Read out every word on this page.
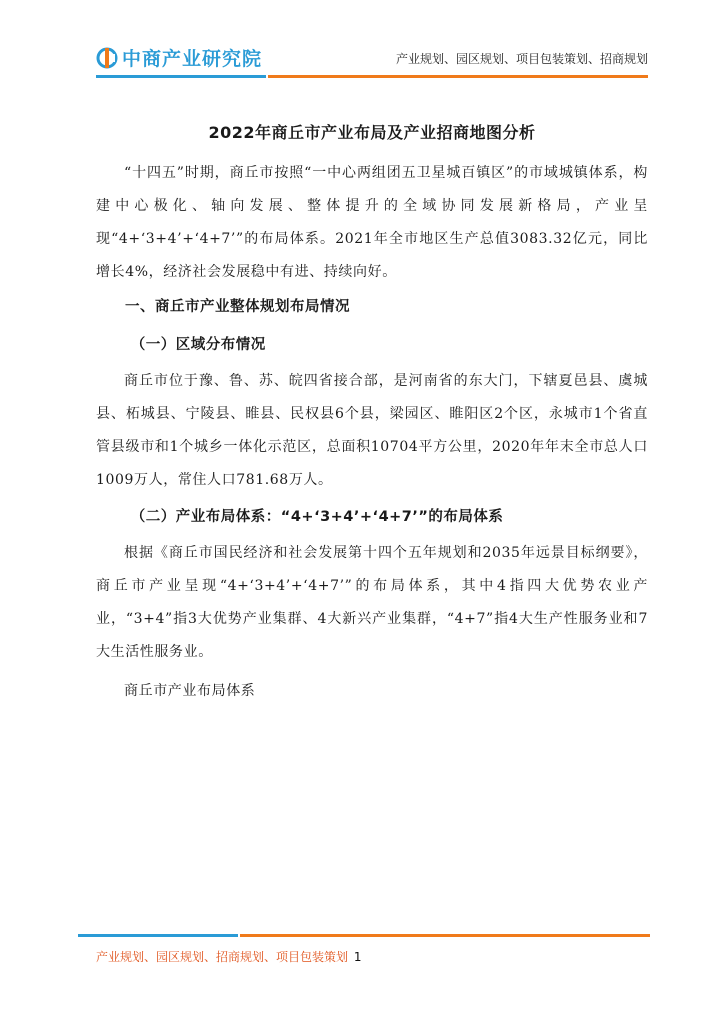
中商产业研究院	产业规划、园区规划、项目包装策划、招商规划
2022年商丘市产业布局及产业招商地图分析

“十四五”时期，商丘市按照“一中心两组团五卫星城百镇区”的市域城镇体系，构建中心极化、轴向发展、整体提升的全域协同发展新格局，产业呈现“4+‘3+4’+‘4+7’”的布局体系。2021年全市地区生产总值3083.32亿元，同比增长4%，经济社会发展稳中有进、持续向好。

一、商丘市产业整体规划布局情况

（一）区域分布情况

商丘市位于豫、鲁、苏、皖四省接合部，是河南省的东大门，下辖夏邑县、虞城县、柘城县、宁陵县、睢县、民权县6个县，梁园区、睢阳区2个区，永城市1个省直管县级市和1个城乡一体化示范区，总面积10704平方公里，2020年年末全市总人口1009万人，常住人口781.68万人。

（二）产业布局体系：“4+‘3+4’+‘4+7’”的布局体系

根据《商丘市国民经济和社会发展第十四个五年规划和2035年远景目标纲要》，商丘市产业呈现“4+‘3+4’+‘4+7’”的布局体系，其中4指四大优势农业产业，“3+4”指3大优势产业集群、4大新兴产业集群，“4+7”指4大生产性服务业和7大生活性服务业。

商丘市产业布局体系

产业规划、园区规划、招商规划、项目包装策划 1
